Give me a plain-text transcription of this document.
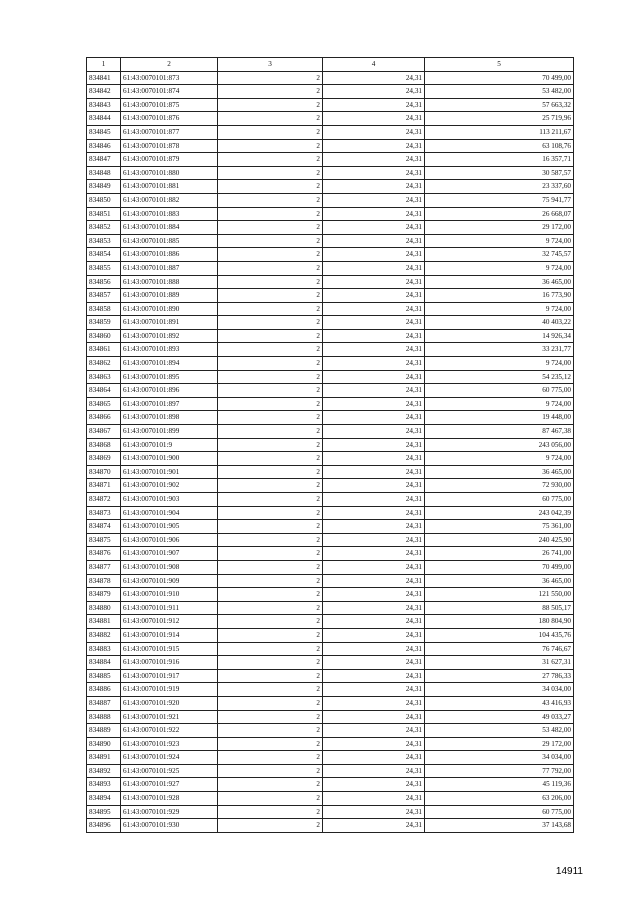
1	2	3	4	5
834841	61:43:0070101:873	2	24,31	70 499,00
834842	61:43:0070101:874	2	24,31	53 482,00
834843	61:43:0070101:875	2	24,31	57 663,32
834844	61:43:0070101:876	2	24,31	25 719,96
834845	61:43:0070101:877	2	24,31	113 211,67
834846	61:43:0070101:878	2	24,31	63 108,76
834847	61:43:0070101:879	2	24,31	16 357,71
834848	61:43:0070101:880	2	24,31	30 587,57
834849	61:43:0070101:881	2	24,31	23 337,60
834850	61:43:0070101:882	2	24,31	75 941,77
834851	61:43:0070101:883	2	24,31	26 668,07
834852	61:43:0070101:884	2	24,31	29 172,00
834853	61:43:0070101:885	2	24,31	9 724,00
834854	61:43:0070101:886	2	24,31	32 745,57
834855	61:43:0070101:887	2	24,31	9 724,00
834856	61:43:0070101:888	2	24,31	36 465,00
834857	61:43:0070101:889	2	24,31	16 773,90
834858	61:43:0070101:890	2	24,31	9 724,00
834859	61:43:0070101:891	2	24,31	40 403,22
834860	61:43:0070101:892	2	24,31	14 926,34
834861	61:43:0070101:893	2	24,31	33 231,77
834862	61:43:0070101:894	2	24,31	9 724,00
834863	61:43:0070101:895	2	24,31	54 235,12
834864	61:43:0070101:896	2	24,31	60 775,00
834865	61:43:0070101:897	2	24,31	9 724,00
834866	61:43:0070101:898	2	24,31	19 448,00
834867	61:43:0070101:899	2	24,31	87 467,38
834868	61:43:0070101:9	2	24,31	243 056,00
834869	61:43:0070101:900	2	24,31	9 724,00
834870	61:43:0070101:901	2	24,31	36 465,00
834871	61:43:0070101:902	2	24,31	72 930,00
834872	61:43:0070101:903	2	24,31	60 775,00
834873	61:43:0070101:904	2	24,31	243 042,39
834874	61:43:0070101:905	2	24,31	75 361,00
834875	61:43:0070101:906	2	24,31	240 425,90
834876	61:43:0070101:907	2	24,31	26 741,00
834877	61:43:0070101:908	2	24,31	70 499,00
834878	61:43:0070101:909	2	24,31	36 465,00
834879	61:43:0070101:910	2	24,31	121 550,00
834880	61:43:0070101:911	2	24,31	88 505,17
834881	61:43:0070101:912	2	24,31	180 804,90
834882	61:43:0070101:914	2	24,31	104 435,76
834883	61:43:0070101:915	2	24,31	76 746,67
834884	61:43:0070101:916	2	24,31	31 627,31
834885	61:43:0070101:917	2	24,31	27 786,33
834886	61:43:0070101:919	2	24,31	34 034,00
834887	61:43:0070101:920	2	24,31	43 416,93
834888	61:43:0070101:921	2	24,31	49 033,27
834889	61:43:0070101:922	2	24,31	53 482,00
834890	61:43:0070101:923	2	24,31	29 172,00
834891	61:43:0070101:924	2	24,31	34 034,00
834892	61:43:0070101:925	2	24,31	77 792,00
834893	61:43:0070101:927	2	24,31	45 119,36
834894	61:43:0070101:928	2	24,31	63 206,00
834895	61:43:0070101:929	2	24,31	60 775,00
834896	61:43:0070101:930	2	24,31	37 143,68
14911
